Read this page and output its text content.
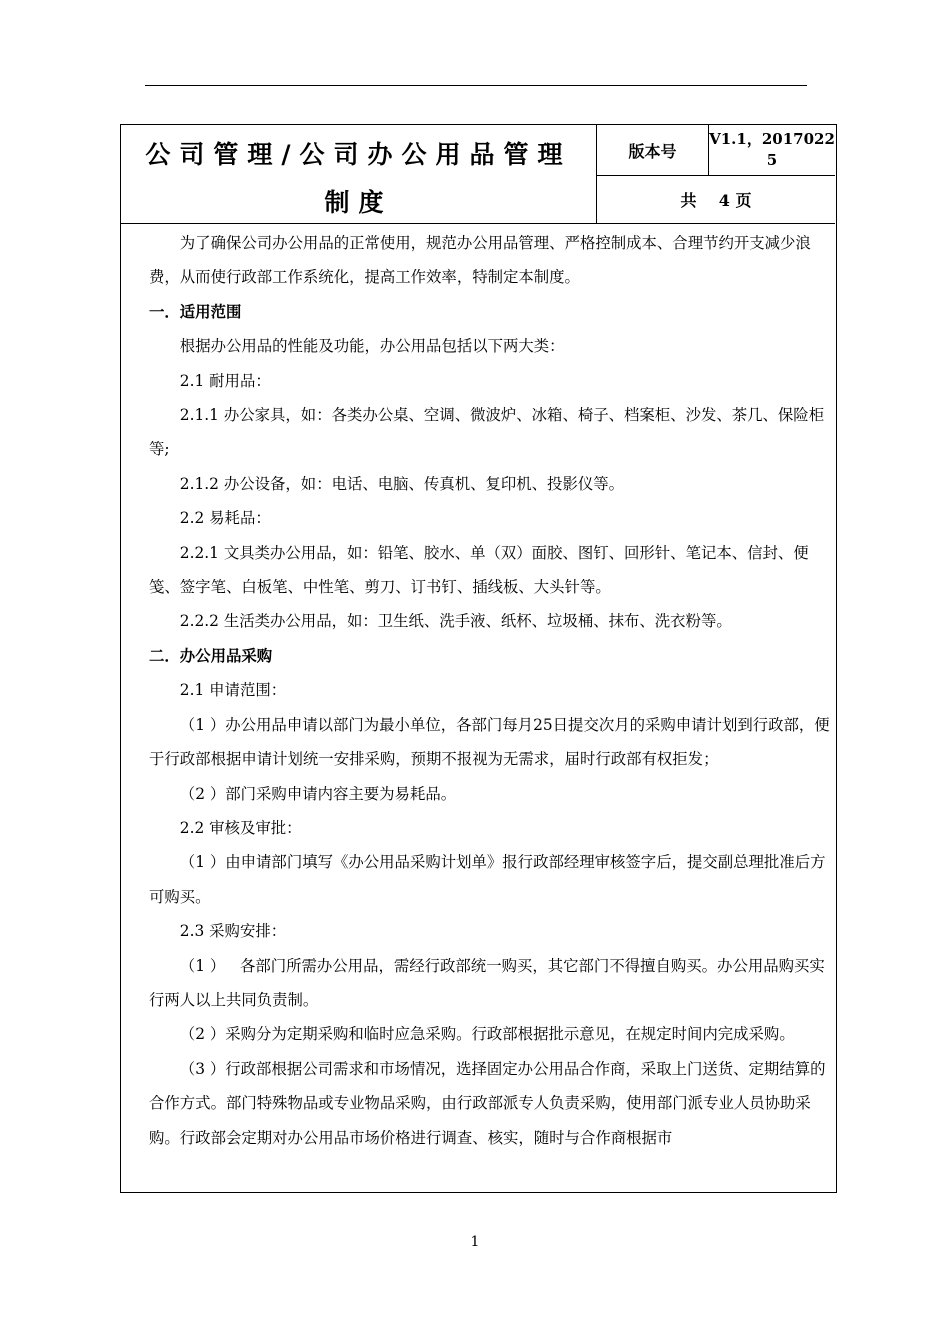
公司管理/公司办公用品管理
制度
版本号
V1.1，20170225
共    4 页

为了确保公司办公用品的正常使用，规范办公用品管理、严格控制成本、合理节约开支减少浪费，从而使行政部工作系统化，提高工作效率，特制定本制度。

一．适用范围

根据办公用品的性能及功能，办公用品包括以下两大类：

2.1 耐用品：

2.1.1 办公家具，如：各类办公桌、空调、微波炉、冰箱、椅子、档案柜、沙发、茶几、保险柜等;

2.1.2 办公设备，如：电话、电脑、传真机、复印机、投影仪等。

2.2 易耗品：

2.2.1 文具类办公用品，如：铅笔、胶水、单（双）面胶、图钉、回形针、笔记本、信封、便笺、签字笔、白板笔、中性笔、剪刀、订书钉、插线板、大头针等。

2.2.2 生活类办公用品，如：卫生纸、洗手液、纸杯、垃圾桶、抹布、洗衣粉等。

二．办公用品采购

2.1 申请范围：

（1 ）办公用品申请以部门为最小单位，各部门每月25日提交次月的采购申请计划到行政部，便于行政部根据申请计划统一安排采购，预期不报视为无需求，届时行政部有权拒发；

（2 ）部门采购申请内容主要为易耗品。

2.2 审核及审批：

（1 ）由申请部门填写《办公用品采购计划单》报行政部经理审核签字后，提交副总理批准后方可购买。

2.3 采购安排：

（1 ）   各部门所需办公用品，需经行政部统一购买，其它部门不得擅自购买。办公用品购买实行两人以上共同负责制。

（2 ）采购分为定期采购和临时应急采购。行政部根据批示意见，在规定时间内完成采购。

（3 ）行政部根据公司需求和市场情况，选择固定办公用品合作商，采取上门送货、定期结算的合作方式。部门特殊物品或专业物品采购，由行政部派专人负责采购，使用部门派专业人员协助采购。行政部会定期对办公用品市场价格进行调查、核实，随时与合作商根据市

1
